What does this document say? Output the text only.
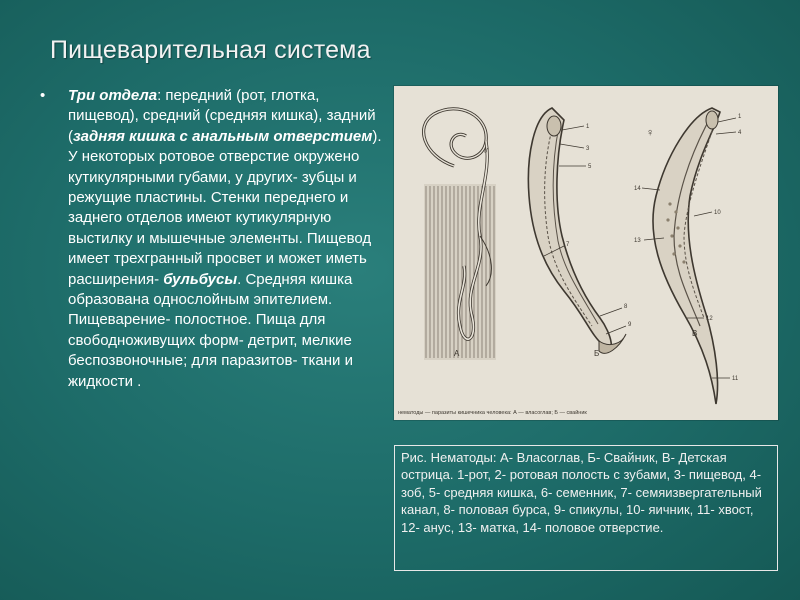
Пищеварительная система
• Три отдела: передний (рот, глотка, пищевод), средний (средняя кишка), задний (задняя кишка с анальным отверстием). У некоторых ротовое отверстие окружено кутикулярными губами, у других- зубцы и режущие пластины. Стенки переднего и заднего отделов имеют кутикулярную выстилку и мышечные элементы. Пищевод имеет трехгранный просвет и может иметь расширения- бульбусы. Средняя кишка образована однослойным эпителием. Пищеварение- полостное. Пища для свободноживущих форм- детрит, мелкие беспозвоночные; для паразитов- ткани и жидкости .
А	Б
В
♂
♀
1
3
5
7
8
9
1
4
14
10
13
12
11
нематоды — паразиты кишечника человека: А — власоглав; Б — свайник
Рис. Нематоды: А- Власоглав, Б- Свайник, В- Детская острица. 1-рот, 2- ротовая полость с зубами, 3- пищевод, 4-зоб, 5- средняя кишка, 6- семенник, 7- семяизвергательный канал, 8- половая бурса, 9- спикулы, 10- яичник, 11- хвост, 12- анус, 13- матка, 14- половое отверстие.
